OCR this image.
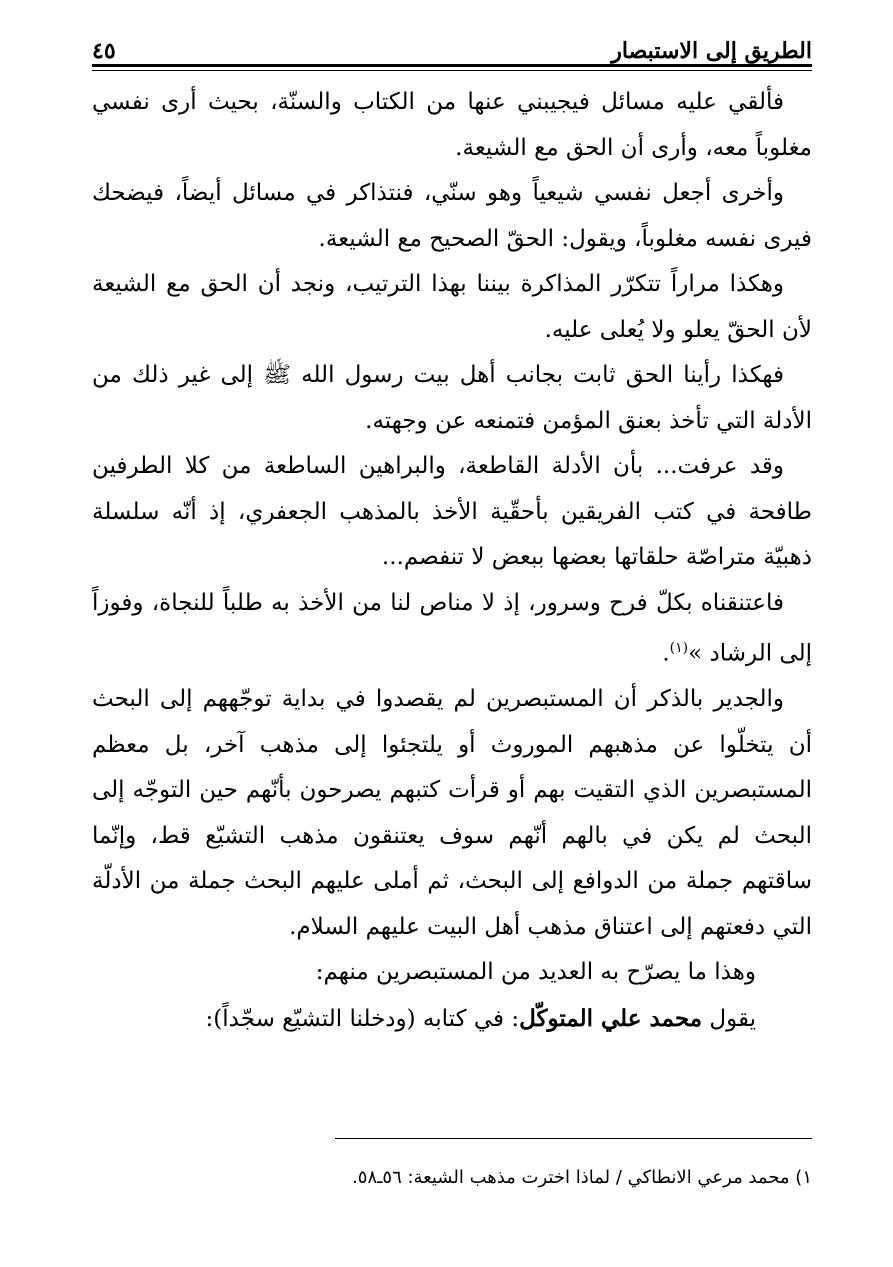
الطريق إلى الاستبصار
٤٥

فألقي عليه مسائل فيجيبني عنها من الكتاب والسنّة، بحيث أرى نفسي مغلوباً معه، وأرى أن الحق مع الشيعة.

وأخرى أجعل نفسي شيعياً وهو سنّي، فنتذاكر في مسائل أيضاً، فيضحك فيرى نفسه مغلوباً، ويقول: الحقّ الصحيح مع الشيعة.

وهكذا مراراً تتكرّر المذاكرة بيننا بهذا الترتيب، ونجد أن الحق مع الشيعة لأن الحقّ يعلو ولا يُعلى عليه.

فهكذا رأينا الحق ثابت بجانب أهل بيت رسول الله ﷺ إلى غير ذلك من الأدلة التي تأخذ بعنق المؤمن فتمنعه عن وجهته.

وقد عرفت... بأن الأدلة القاطعة، والبراهين الساطعة من كلا الطرفين طافحة في كتب الفريقين بأحقّية الأخذ بالمذهب الجعفري، إذ أنّه سلسلة ذهبيّة متراصّة حلقاتها بعضها ببعض لا تنفصم...

فاعتنقناه بكلّ فرح وسرور، إذ لا مناص لنا من الأخذ به طلباً للنجاة، وفوزاً إلى الرشاد »$^{(١)}$.

والجدير بالذكر أن المستبصرين لم يقصدوا في بداية توجّههم إلى البحث أن يتخلّوا عن مذهبهم الموروث أو يلتجئوا إلى مذهب آخر، بل معظم المستبصرين الذي التقيت بهم أو قرأت كتبهم يصرحون بأنّهم حين التوجّه إلى البحث لم يكن في بالهم أنّهم سوف يعتنقون مذهب التشيّع قط، وإنّما ساقتهم جملة من الدوافع إلى البحث، ثم أملى عليهم البحث جملة من الأدلّة التي دفعتهم إلى اعتناق مذهب أهل البيت عليهم السلام.

وهذا ما يصرّح به العديد من المستبصرين منهم:

يقول محمد علي المتوكّل: في كتابه (ودخلنا التشيّع سجّداً):

١) محمد مرعي الانطاكي / لماذا اخترت مذهب الشيعة: ٥٦ـ٥٨.
